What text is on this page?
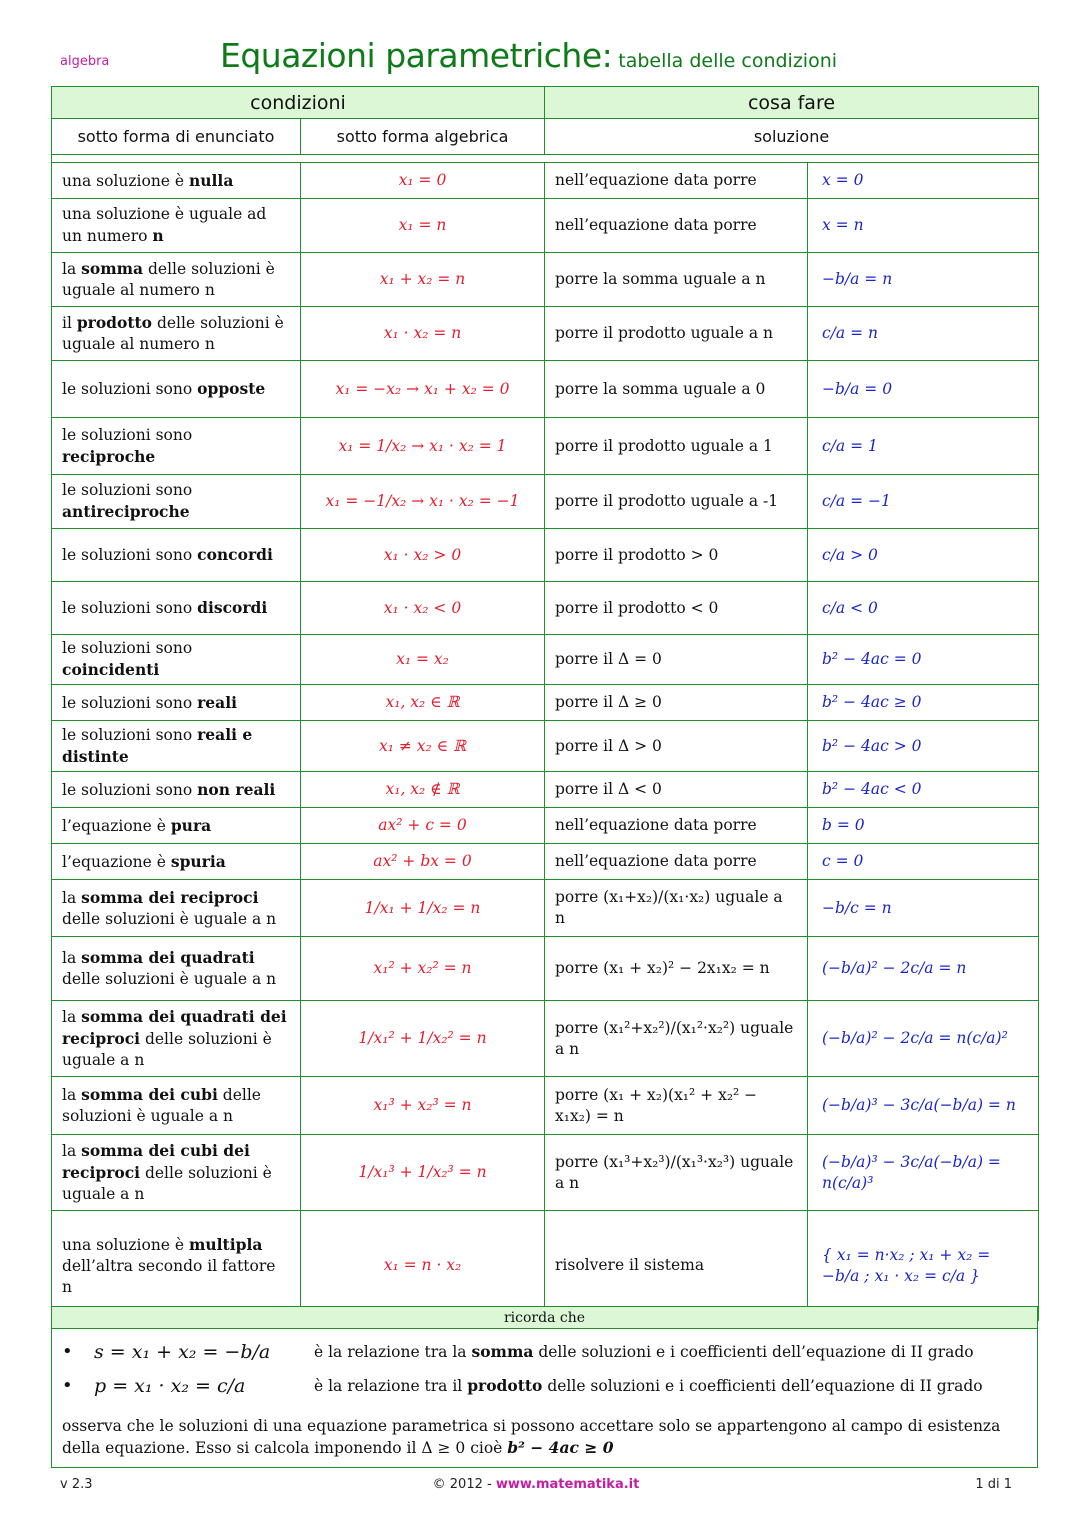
algebra	Equazioni parametriche: tabella delle condizioni
condizioni		cosa fare	
sotto forma di enunciato	sotto forma algebrica	soluzione	

una soluzione è nulla	x₁ = 0	nell’equazione data porre	x = 0
una soluzione è uguale ad un numero n	x₁ = n	nell’equazione data porre	x = n
la somma delle soluzioni è uguale al numero n	x₁ + x₂ = n	porre la somma uguale a n	−b/a = n
il prodotto delle soluzioni è uguale al numero n	x₁ · x₂ = n	porre il prodotto uguale a n	c/a = n
le soluzioni sono opposte	x₁ = −x₂ → x₁ + x₂ = 0	porre la somma uguale a 0	−b/a = 0
le soluzioni sono reciproche	x₁ = 1/x₂ → x₁ · x₂ = 1	porre il prodotto uguale a 1	c/a = 1
le soluzioni sono antireciproche	x₁ = −1/x₂ → x₁ · x₂ = −1	porre il prodotto uguale a -1	c/a = −1
le soluzioni sono concordi	x₁ · x₂ > 0	porre il prodotto > 0	c/a > 0
le soluzioni sono discordi	x₁ · x₂ < 0	porre il prodotto < 0	c/a < 0
le soluzioni sono coincidenti	x₁ = x₂	porre il Δ = 0	b² − 4ac = 0
le soluzioni sono reali	x₁, x₂ ∈ ℝ	porre il Δ ≥ 0	b² − 4ac ≥ 0
le soluzioni sono reali e distinte	x₁ ≠ x₂ ∈ ℝ	porre il Δ > 0	b² − 4ac > 0
le soluzioni sono non reali	x₁, x₂ ∉ ℝ	porre il Δ < 0	b² − 4ac < 0
l’equazione è pura	ax² + c = 0	nell’equazione data porre	b = 0
l’equazione è spuria	ax² + bx = 0	nell’equazione data porre	c = 0
la somma dei reciproci delle soluzioni è uguale a n	1/x₁ + 1/x₂ = n	porre (x₁+x₂)/(x₁·x₂) uguale a n	−b/c = n
la somma dei quadrati delle soluzioni è uguale a n	x₁² + x₂² = n	porre (x₁ + x₂)² − 2x₁x₂ = n	(−b/a)² − 2c/a = n
la somma dei quadrati dei reciproci delle soluzioni è uguale a n	1/x₁² + 1/x₂² = n	porre (x₁²+x₂²)/(x₁²·x₂²) uguale a n	(−b/a)² − 2c/a = n(c/a)²
la somma dei cubi delle soluzioni è uguale a n	x₁³ + x₂³ = n	porre (x₁ + x₂)(x₁² + x₂² − x₁x₂) = n	(−b/a)³ − 3c/a(−b/a) = n
la somma dei cubi dei reciproci delle soluzioni è uguale a n	1/x₁³ + 1/x₂³ = n	porre (x₁³+x₂³)/(x₁³·x₂³) uguale a n	(−b/a)³ − 3c/a(−b/a) = n(c/a)³
una soluzione è multipla dell’altra secondo il fattore n	x₁ = n · x₂	risolvere il sistema	{ x₁ = n·x₂ ; x₁ + x₂ = −b/a ; x₁ · x₂ = c/a }
ricorda che
•	s = x₁ + x₂ = −b/a	è la relazione tra la somma delle soluzioni e i coefficienti dell’equazione di II grado
•	p = x₁ · x₂ = c/a	è la relazione tra il prodotto delle soluzioni e i coefficienti dell’equazione di II grado
osserva che le soluzioni di una equazione parametrica si possono accettare solo se appartengono al campo di esistenza della equazione. Esso si calcola imponendo il Δ ≥ 0 cioè b² − 4ac ≥ 0
v 2.3	© 2012 - www.matematika.it	1 di 1
